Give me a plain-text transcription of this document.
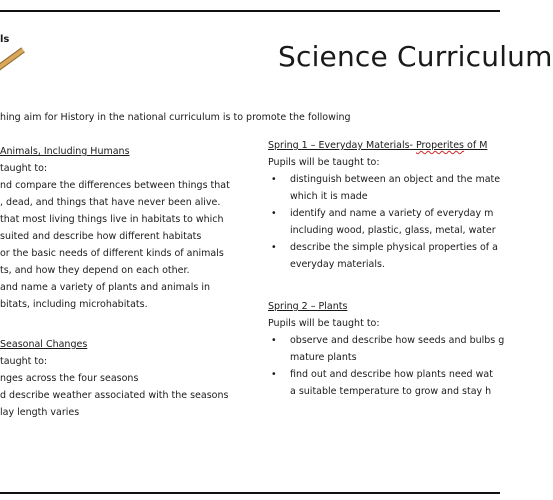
ls
Science Curriculum
hing aim for History in the national curriculum is to promote the following
Animals, Including Humans
taught to:
nd compare the differences between things that
, dead, and things that have never been alive.
that most living things live in habitats to which
suited and describe how different habitats
or the basic needs of different kinds of animals
ts, and how they depend on each other.
and name a variety of plants and animals in
bitats, including microhabitats.
Seasonal Changes
taught to:
nges across the four seasons
d describe weather associated with the seasons
lay length varies
Spring 1 – Everyday Materials- Properites of M
Pupils will be taught to:
• distinguish between an object and the mate
which it is made
• identify and name a variety of everyday m
including wood, plastic, glass, metal, water
• describe the simple physical properties of a
everyday materials.
Spring 2 – Plants
Pupils will be taught to:
• observe and describe how seeds and bulbs g
mature plants
• find out and describe how plants need wat
a suitable temperature to grow and stay h
